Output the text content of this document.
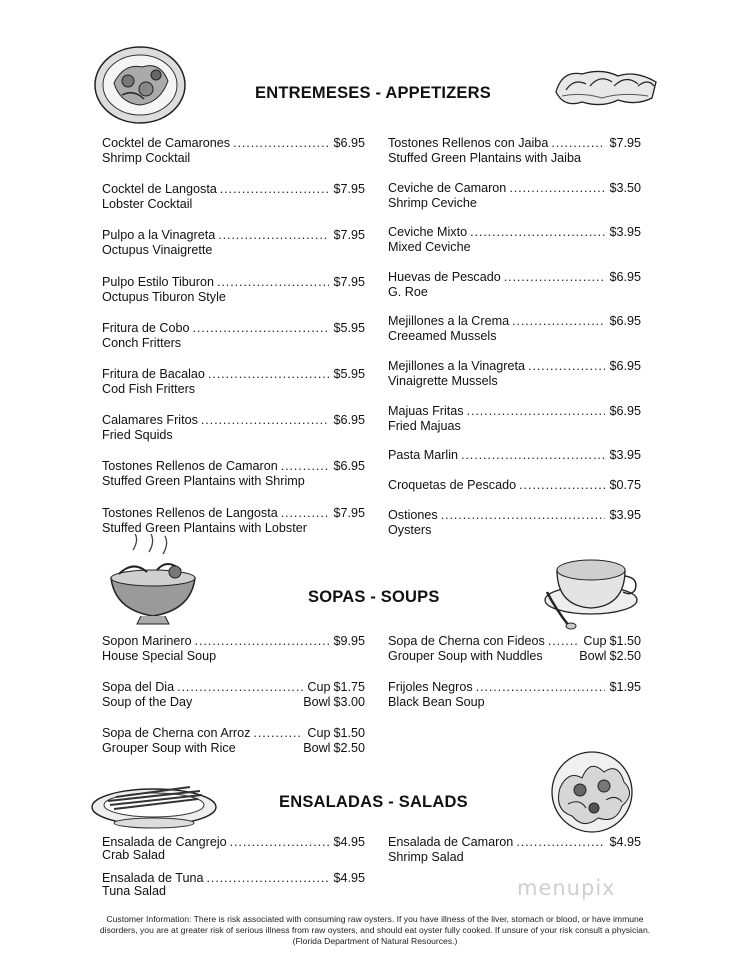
ENTREMESES - APPETIZERS
SOPAS - SOUPS
ENSALADAS - SALADS
Cocktel de Camarones . . .	$6.95
Shrimp Cocktail
Cocktel de Langosta . . .	$7.95
Lobster Cocktail
Pulpo a la Vinagreta . . .	$7.95
Octupus Vinaigrette
Pulpo Estilo Tiburon . . .	$7.95
Octupus Tiburon Style
Fritura de Cobo . . .	$5.95
Conch Fritters
Fritura de Bacalao . . .	$5.95
Cod Fish Fritters
Calamares Fritos . . .	$6.95
Fried Squids
Tostones Rellenos de Camaron . . .	$6.95
Stuffed Green Plantains with Shrimp
Tostones Rellenos de Langosta . . .	$7.95
Stuffed Green Plantains with Lobster
Tostones Rellenos con Jaiba . . .	$7.95
Stuffed Green Plantains with Jaiba
Ceviche de Camaron . . .	$3.50
Shrimp Ceviche
Ceviche Mixto . . .	$3.95
Mixed Ceviche
Huevas de Pescado . . .	$6.95
G. Roe
Mejillones a la Crema . . .	$6.95
Creeamed Mussels
Mejillones a la Vinagreta . . .	$6.95
Vinaigrette Mussels
Majuas Fritas . . .	$6.95
Fried Majuas
Pasta Marlin . . .	$3.95
Croquetas de Pescado . . .	$0.75
Ostiones . . .	$3.95
Oysters
Sopon Marinero . . .	$9.95
House Special Soup
Sopa del Dia . . .	Cup $1.75
Soup of the Day	Bowl $3.00
Sopa de Cherna con Arroz . . .	Cup $1.50
Grouper Soup with Rice	Bowl $2.50
Sopa de Cherna con Fideos . . .	Cup $1.50
Grouper Soup with Nuddles	Bowl $2.50
Frijoles Negros . . .	$1.95
Black Bean Soup
Ensalada de Cangrejo . . .	$4.95
Crab Salad
Ensalada de Tuna . . .	$4.95
Tuna Salad
Ensalada de Camaron . . .	$4.95
Shrimp Salad
menupix
Customer Information: There is risk associated with consuming raw oysters. If you have illness of the liver, stomach or blood, or have immune
disorders, you are at greater risk of serious illness from raw oysters, and should eat oyster fully cooked. If unsure of your risk consult a physician.
(Florida Department of Natural Resources.)
